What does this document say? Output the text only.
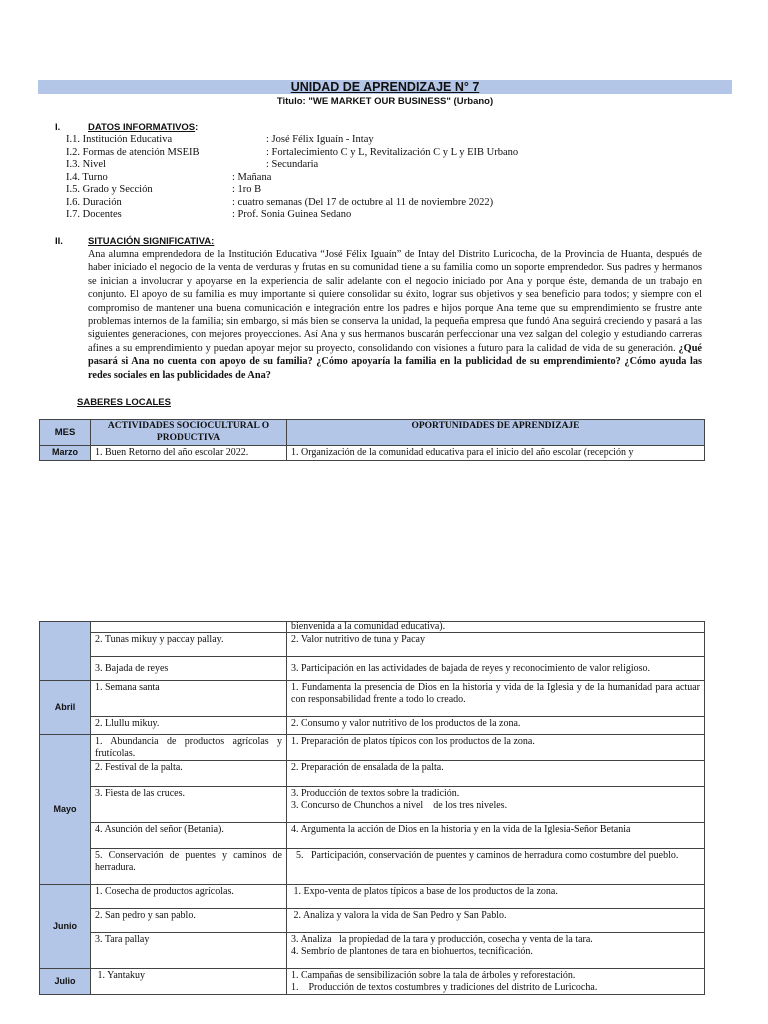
UNIDAD DE APRENDIZAJE N° 7
Titulo: "WE MARKET OUR BUSINESS" (Urbano)
I.	DATOS INFORMATIVOS:
I.1. Institución Educativa	: José Félix Iguaín - Intay
I.2. Formas de atención MSEIB	: Fortalecimiento C y L, Revitalización C y L y EIB Urbano
I.3. Nivel	: Secundaria
I.4. Turno	: Mañana
I.5. Grado y Sección	: 1ro B
I.6. Duración	: cuatro semanas (Del 17 de octubre al 11 de noviembre 2022)
I.7. Docentes	: Prof. Sonia Guinea Sedano
II.	SITUACIÓN SIGNIFICATIVA:
Ana alumna emprendedora de la Institución Educativa “José Félix Iguaín” de Intay del Distrito Luricocha, de la Provincia de Huanta, después de haber iniciado el negocio de la venta de verduras y frutas en su comunidad tiene a su familia como un soporte emprendedor. Sus padres y hermanos se inician a involucrar y apoyarse en la experiencia de salir adelante con el negocio iniciado por Ana y porque éste, demanda de un trabajo en conjunto. El apoyo de su familia es muy importante si quiere consolidar su éxito, lograr sus objetivos y sea beneficio para todos; y siempre con el compromiso de mantener una buena comunicación e integración entre los padres e hijos porque Ana teme que su emprendimiento se frustre ante problemas internos de la familia; sin embargo, si más bien se conserva la unidad, la pequeña empresa que fundó Ana seguirá creciendo y pasará a las siguientes generaciones, con mejores proyecciones. Así Ana y sus hermanos buscarán perfeccionar una vez salgan del colegio y estudiando carreras afines a su emprendimiento y puedan apoyar mejor su proyecto, consolidando con visiones a futuro para la calidad de vida de su generación. ¿Qué pasará si Ana no cuenta con apoyo de su familia? ¿Cómo apoyaría la familia en la publicidad de su emprendimiento? ¿Cómo ayuda las redes sociales en las publicidades de Ana?
SABERES LOCALES
MES	ACTIVIDADES SOCIOCULTURAL O PRODUCTIVA	OPORTUNIDADES DE APRENDIZAJE
Marzo	1. Buen Retorno del año escolar 2022.	1. Organización de la comunidad educativa para el inicio del año escolar (recepción y
		bienvenida a la comunidad educativa).
	2. Tunas mikuy y paccay pallay.	2. Valor nutritivo de tuna y Pacay
	3. Bajada de reyes	3. Participación en las actividades de bajada de reyes y reconocimiento de valor religioso.
Abril	1. Semana santa	1. Fundamenta la presencia de Dios en la historia y vida de la Iglesia y de la humanidad para actuar con responsabilidad frente a todo lo creado.
	2. Llullu mikuy.	2. Consumo y valor nutritivo de los productos de la zona.
Mayo	1. Abundancia de productos agrícolas y frutícolas.	1. Preparación de platos típicos con los productos de la zona.
	2. Festival de la palta.	2. Preparación de ensalada de la palta.
	3. Fiesta de las cruces.	3. Producción de textos sobre la tradición.
3. Concurso de Chunchos a nivel    de los tres niveles.

	4. Asunción del señor (Betania).	4. Argumenta la acción de Dios en la historia y en la vida de la Iglesia-Señor Betania
	5. Conservación de puentes y caminos de herradura.	5.   Participación, conservación de puentes y caminos de herradura como costumbre del pueblo.
Junio	1. Cosecha de productos agrícolas.	1. Expo-venta de platos típicos a base de los productos de la zona.
	2. San pedro y san pablo.	2. Analiza y valora la vida de San Pedro y San Pablo.
	3. Tara pallay	3. Analiza   la propiedad de la tara y producción, cosecha y venta de la tara.
4. Sembrío de plantones de tara en biohuertos, tecnificación.

Julio	1. Yantakuy	1. Campañas de sensibilización sobre la tala de árboles y reforestación.
1.    Producción de textos costumbres y tradiciones del distrito de Luricocha.
